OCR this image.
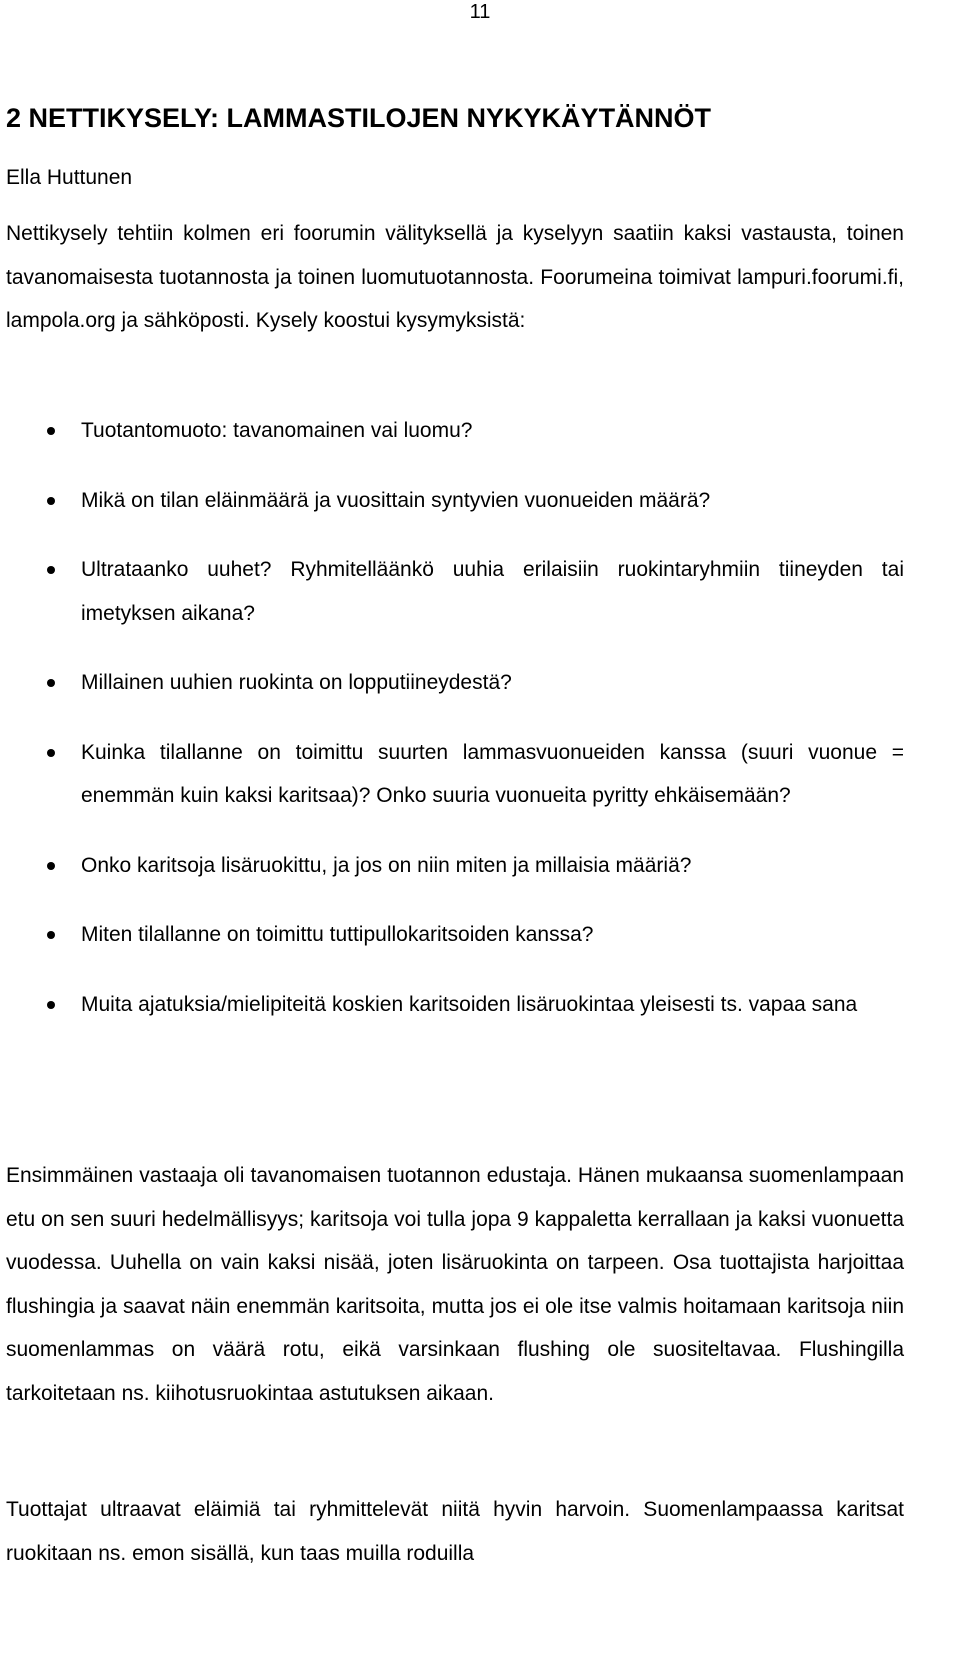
11
2 NETTIKYSELY: LAMMASTILOJEN NYKYKÄYTÄNNÖT
Ella Huttunen

Nettikysely tehtiin kolmen eri foorumin välityksellä ja kyselyyn saatiin kaksi vastausta, toinen tavanomaisesta tuotannosta ja toinen luomutuotannosta. Foorumeina toimivat lampuri.foorumi.fi, lampola.org ja sähköposti. Kysely koostui kysymyksistä:

Tuotantomuoto: tavanomainen vai luomu?
Mikä on tilan eläinmäärä ja vuosittain syntyvien vuonueiden määrä?
Ultrataanko uuhet? Ryhmitelläänkö uuhia erilaisiin ruokintaryhmiin tiineyden tai imetyksen aikana?
Millainen uuhien ruokinta on lopputiineydestä?
Kuinka tilallanne on toimittu suurten lammasvuonueiden kanssa (suuri vuonue = enemmän kuin kaksi karitsaa)? Onko suuria vuonueita pyritty ehkäisemään?
Onko karitsoja lisäruokittu, ja jos on niin miten ja millaisia määriä?
Miten tilallanne on toimittu tuttipullokaritsoiden kanssa?
Muita ajatuksia/mielipiteitä koskien karitsoiden lisäruokintaa yleisesti ts. vapaa sana

Ensimmäinen vastaaja oli tavanomaisen tuotannon edustaja. Hänen mukaansa suomenlampaan etu on sen suuri hedelmällisyys; karitsoja voi tulla jopa 9 kappaletta kerrallaan ja kaksi vuonuetta vuodessa. Uuhella on vain kaksi nisää, joten lisäruokinta on tarpeen. Osa tuottajista harjoittaa flushingia ja saavat näin enemmän karitsoita, mutta jos ei ole itse valmis hoitamaan karitsoja niin suomenlammas on väärä rotu, eikä varsinkaan flushing ole suositeltavaa. Flushingilla tarkoitetaan ns. kiihotusruokintaa astutuksen aikaan.

Tuottajat ultraavat eläimiä tai ryhmittelevät niitä hyvin harvoin. Suomenlampaassa karitsat ruokitaan ns. emon sisällä, kun taas muilla roduilla
